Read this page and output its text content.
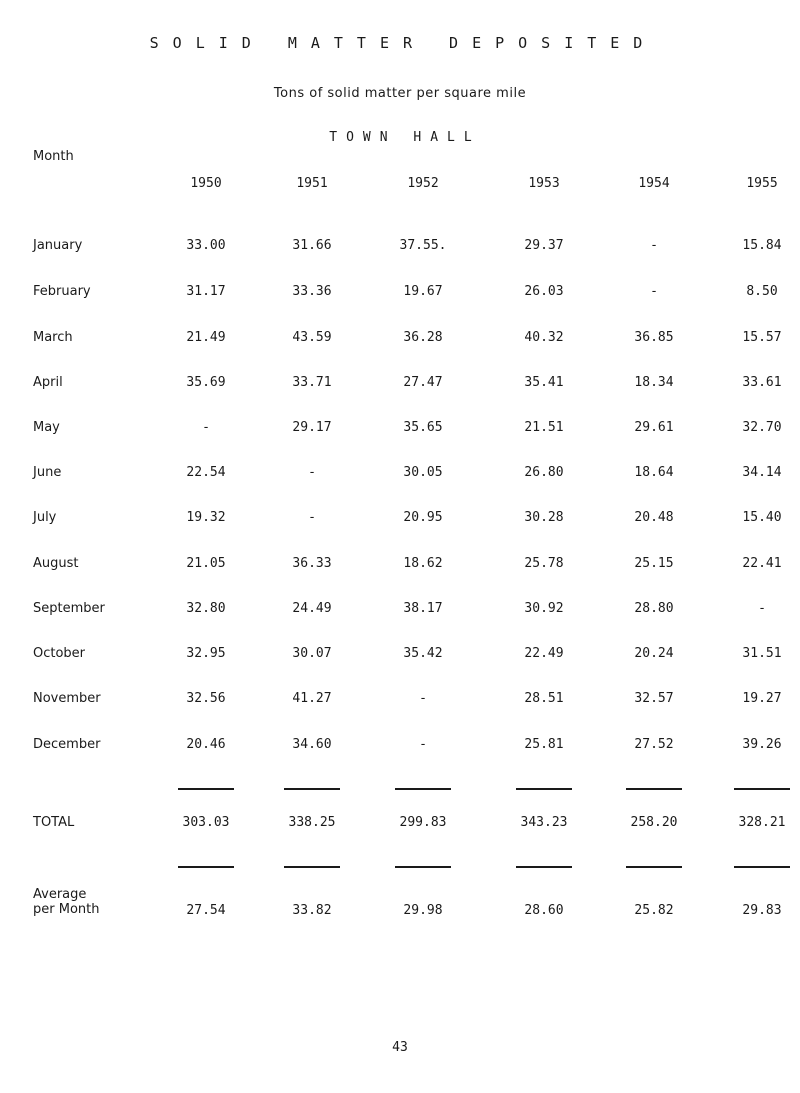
SOLID MATTER DEPOSITED
Tons of solid matter per square mile
TOWN HALL
Month
1950	1951	1952	1953	1954	1955
January	33.00	31.66	37.55.	29.37	-	15.84
February	31.17	33.36	19.67	26.03	-	8.50
March	21.49	43.59	36.28	40.32	36.85	15.57
April	35.69	33.71	27.47	35.41	18.34	33.61
May	-	29.17	35.65	21.51	29.61	32.70
June	22.54	-	30.05	26.80	18.64	34.14
July	19.32	-	20.95	30.28	20.48	15.40
August	21.05	36.33	18.62	25.78	25.15	22.41
September	32.80	24.49	38.17	30.92	28.80	-
October	32.95	30.07	35.42	22.49	20.24	31.51
November	32.56	41.27	-	28.51	32.57	19.27
December	20.46	34.60	-	25.81	27.52	39.26
TOTAL	303.03	338.25	299.83	343.23	258.20	328.21
Average
per Month	27.54	33.82	29.98	28.60	25.82	29.83
43
